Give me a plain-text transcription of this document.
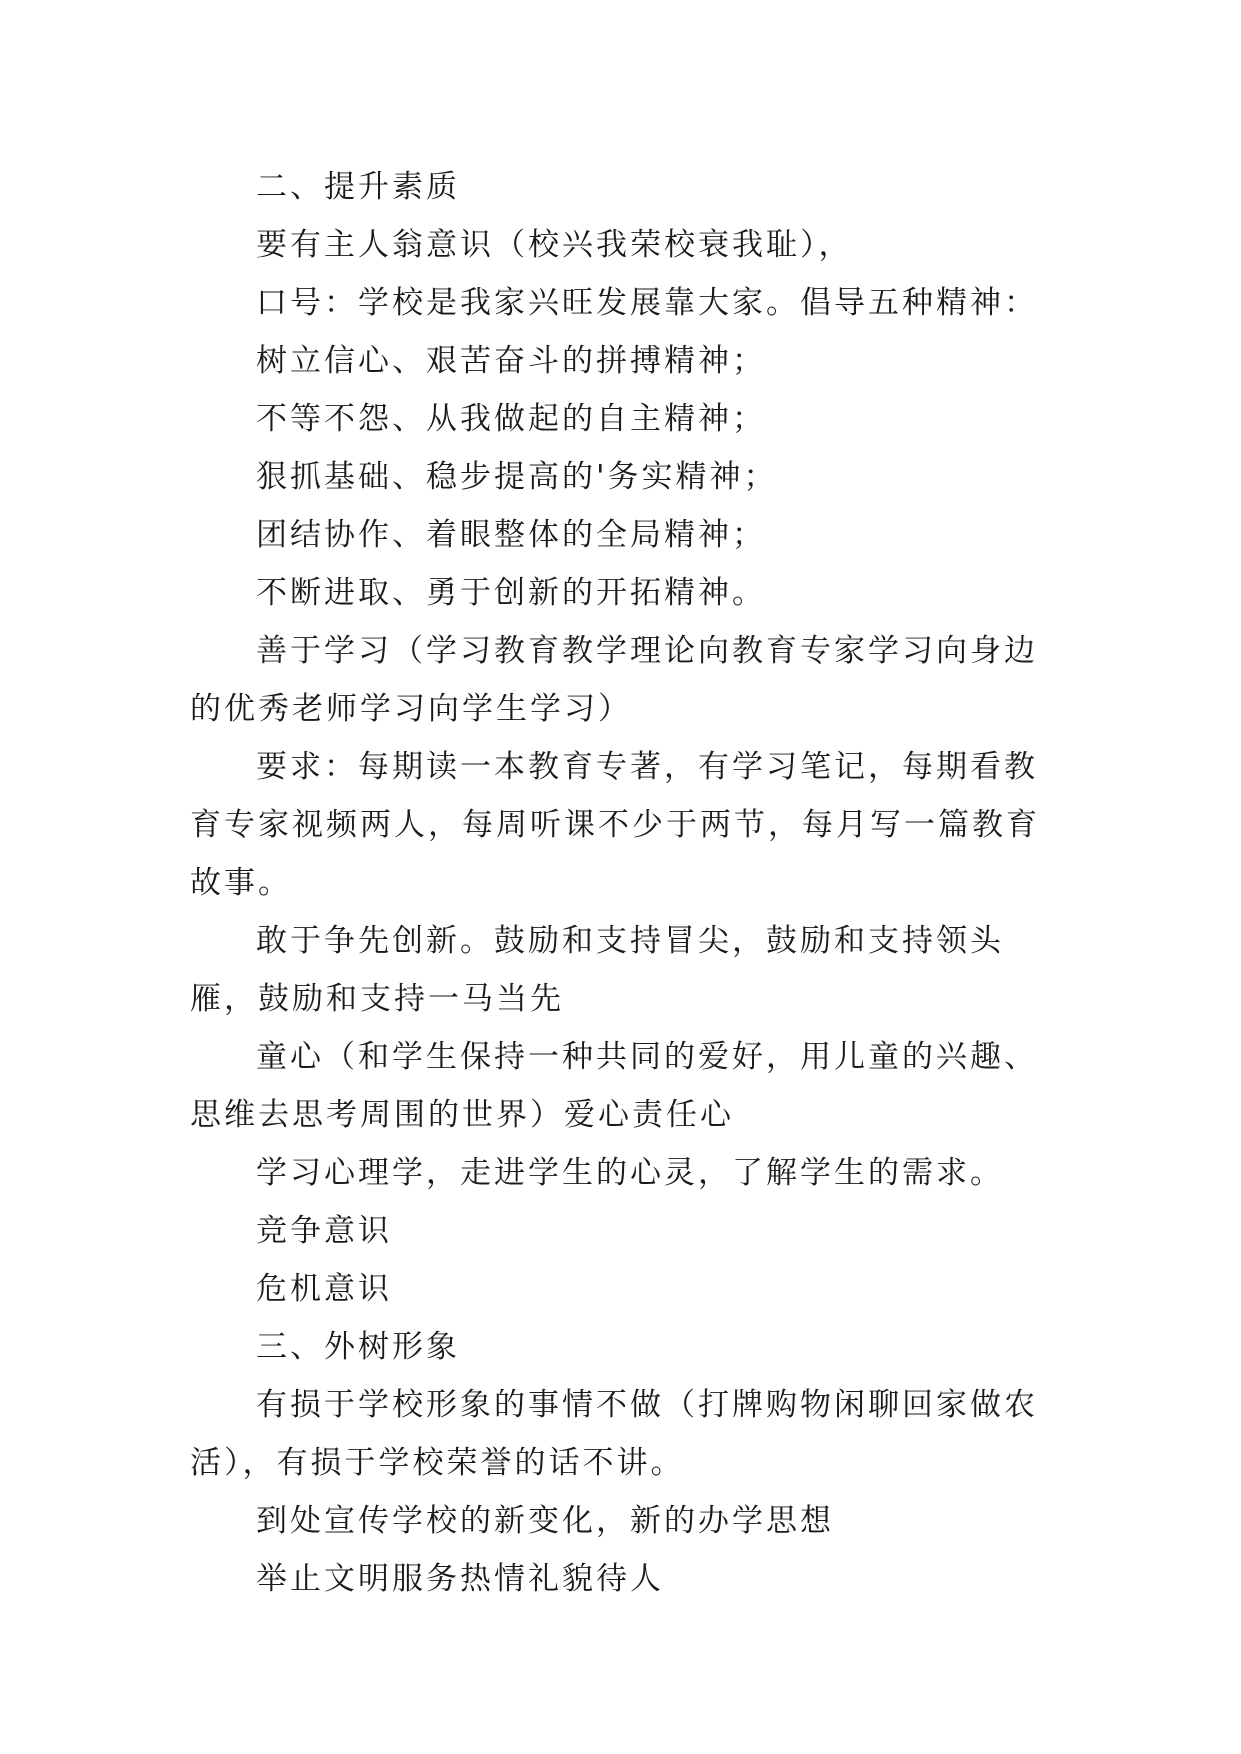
二、提升素质

要有主人翁意识（校兴我荣校衰我耻），

口号：学校是我家兴旺发展靠大家。倡导五种精神：

树立信心、艰苦奋斗的拼搏精神；

不等不怨、从我做起的自主精神；

狠抓基础、稳步提高的'务实精神；

团结协作、着眼整体的全局精神；

不断进取、勇于创新的开拓精神。

善于学习（学习教育教学理论向教育专家学习向身边的优秀老师学习向学生学习）

要求：每期读一本教育专著，有学习笔记，每期看教育专家视频两人，每周听课不少于两节，每月写一篇教育故事。

敢于争先创新。鼓励和支持冒尖，鼓励和支持领头雁，鼓励和支持一马当先

童心（和学生保持一种共同的爱好，用儿童的兴趣、思维去思考周围的世界）爱心责任心

学习心理学，走进学生的心灵，了解学生的需求。

竞争意识

危机意识

三、外树形象

有损于学校形象的事情不做（打牌购物闲聊回家做农活），有损于学校荣誉的话不讲。

到处宣传学校的新变化，新的办学思想

举止文明服务热情礼貌待人
